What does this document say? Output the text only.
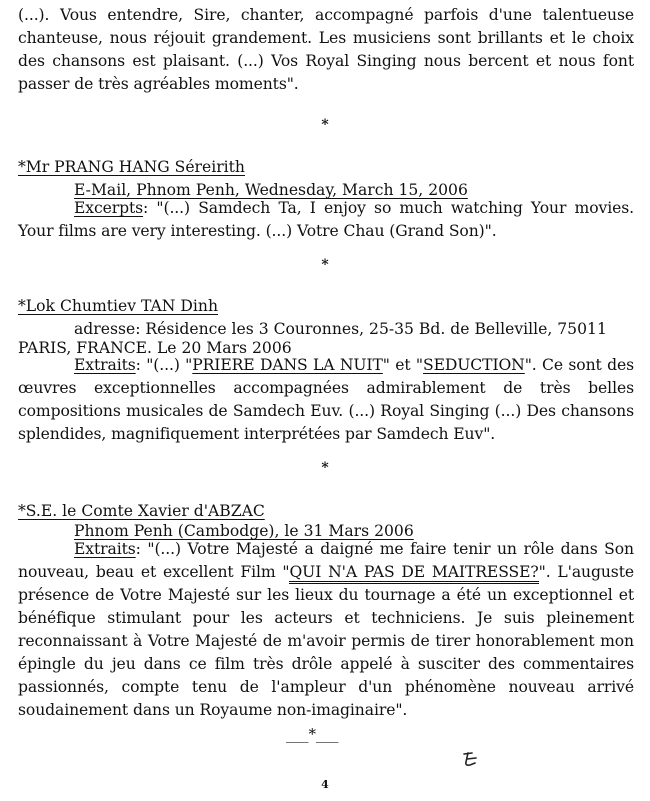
(...). Vous entendre, Sire, chanter, accompagné parfois d'une talentueuse

chanteuse, nous réjouit grandement. Les musiciens sont brillants et le choix

des chansons est plaisant. (...) Vos Royal Singing nous bercent et nous font

passer de très agréables moments".

*
*Mr PRANG HANG Séreirith
E-Mail, Phnom Penh, Wednesday, March 15, 2006

Excerpts: "(...) Samdech Ta, I enjoy so much watching Your movies.

Your films are very interesting. (...) Votre Chau (Grand Son)".

*
*Lok Chumtiev TAN Dinh
adresse: Résidence les 3 Couronnes, 25-35 Bd. de Belleville, 75011
PARIS, FRANCE. Le 20 Mars 2006

Extraits: "(...) "PRIERE DANS LA NUIT" et "SEDUCTION". Ce sont des

œuvres exceptionnelles accompagnées admirablement de très belles

compositions musicales de Samdech Euv. (...) Royal Singing (...) Des chansons

splendides, magnifiquement interprétées par Samdech Euv".

*
*S.E. le Comte Xavier d'ABZAC
Phnom Penh (Cambodge), le 31 Mars 2006

Extraits: "(...) Votre Majesté a daigné me faire tenir un rôle dans Son

nouveau, beau et excellent Film "QUI N'A PAS DE MAITRESSE?". L'auguste

présence de Votre Majesté sur les lieux du tournage a été un exceptionnel et

bénéfique stimulant pour les acteurs et techniciens. Je suis pleinement

reconnaissant à Votre Majesté de m'avoir permis de tirer honorablement mon

épingle du jeu dans ce film très drôle appelé à susciter des commentaires

passionnés, compte tenu de l'ampleur d'un phénomène nouveau arrivé

soudainement dans un Royaume non-imaginaire".

___*___
4
